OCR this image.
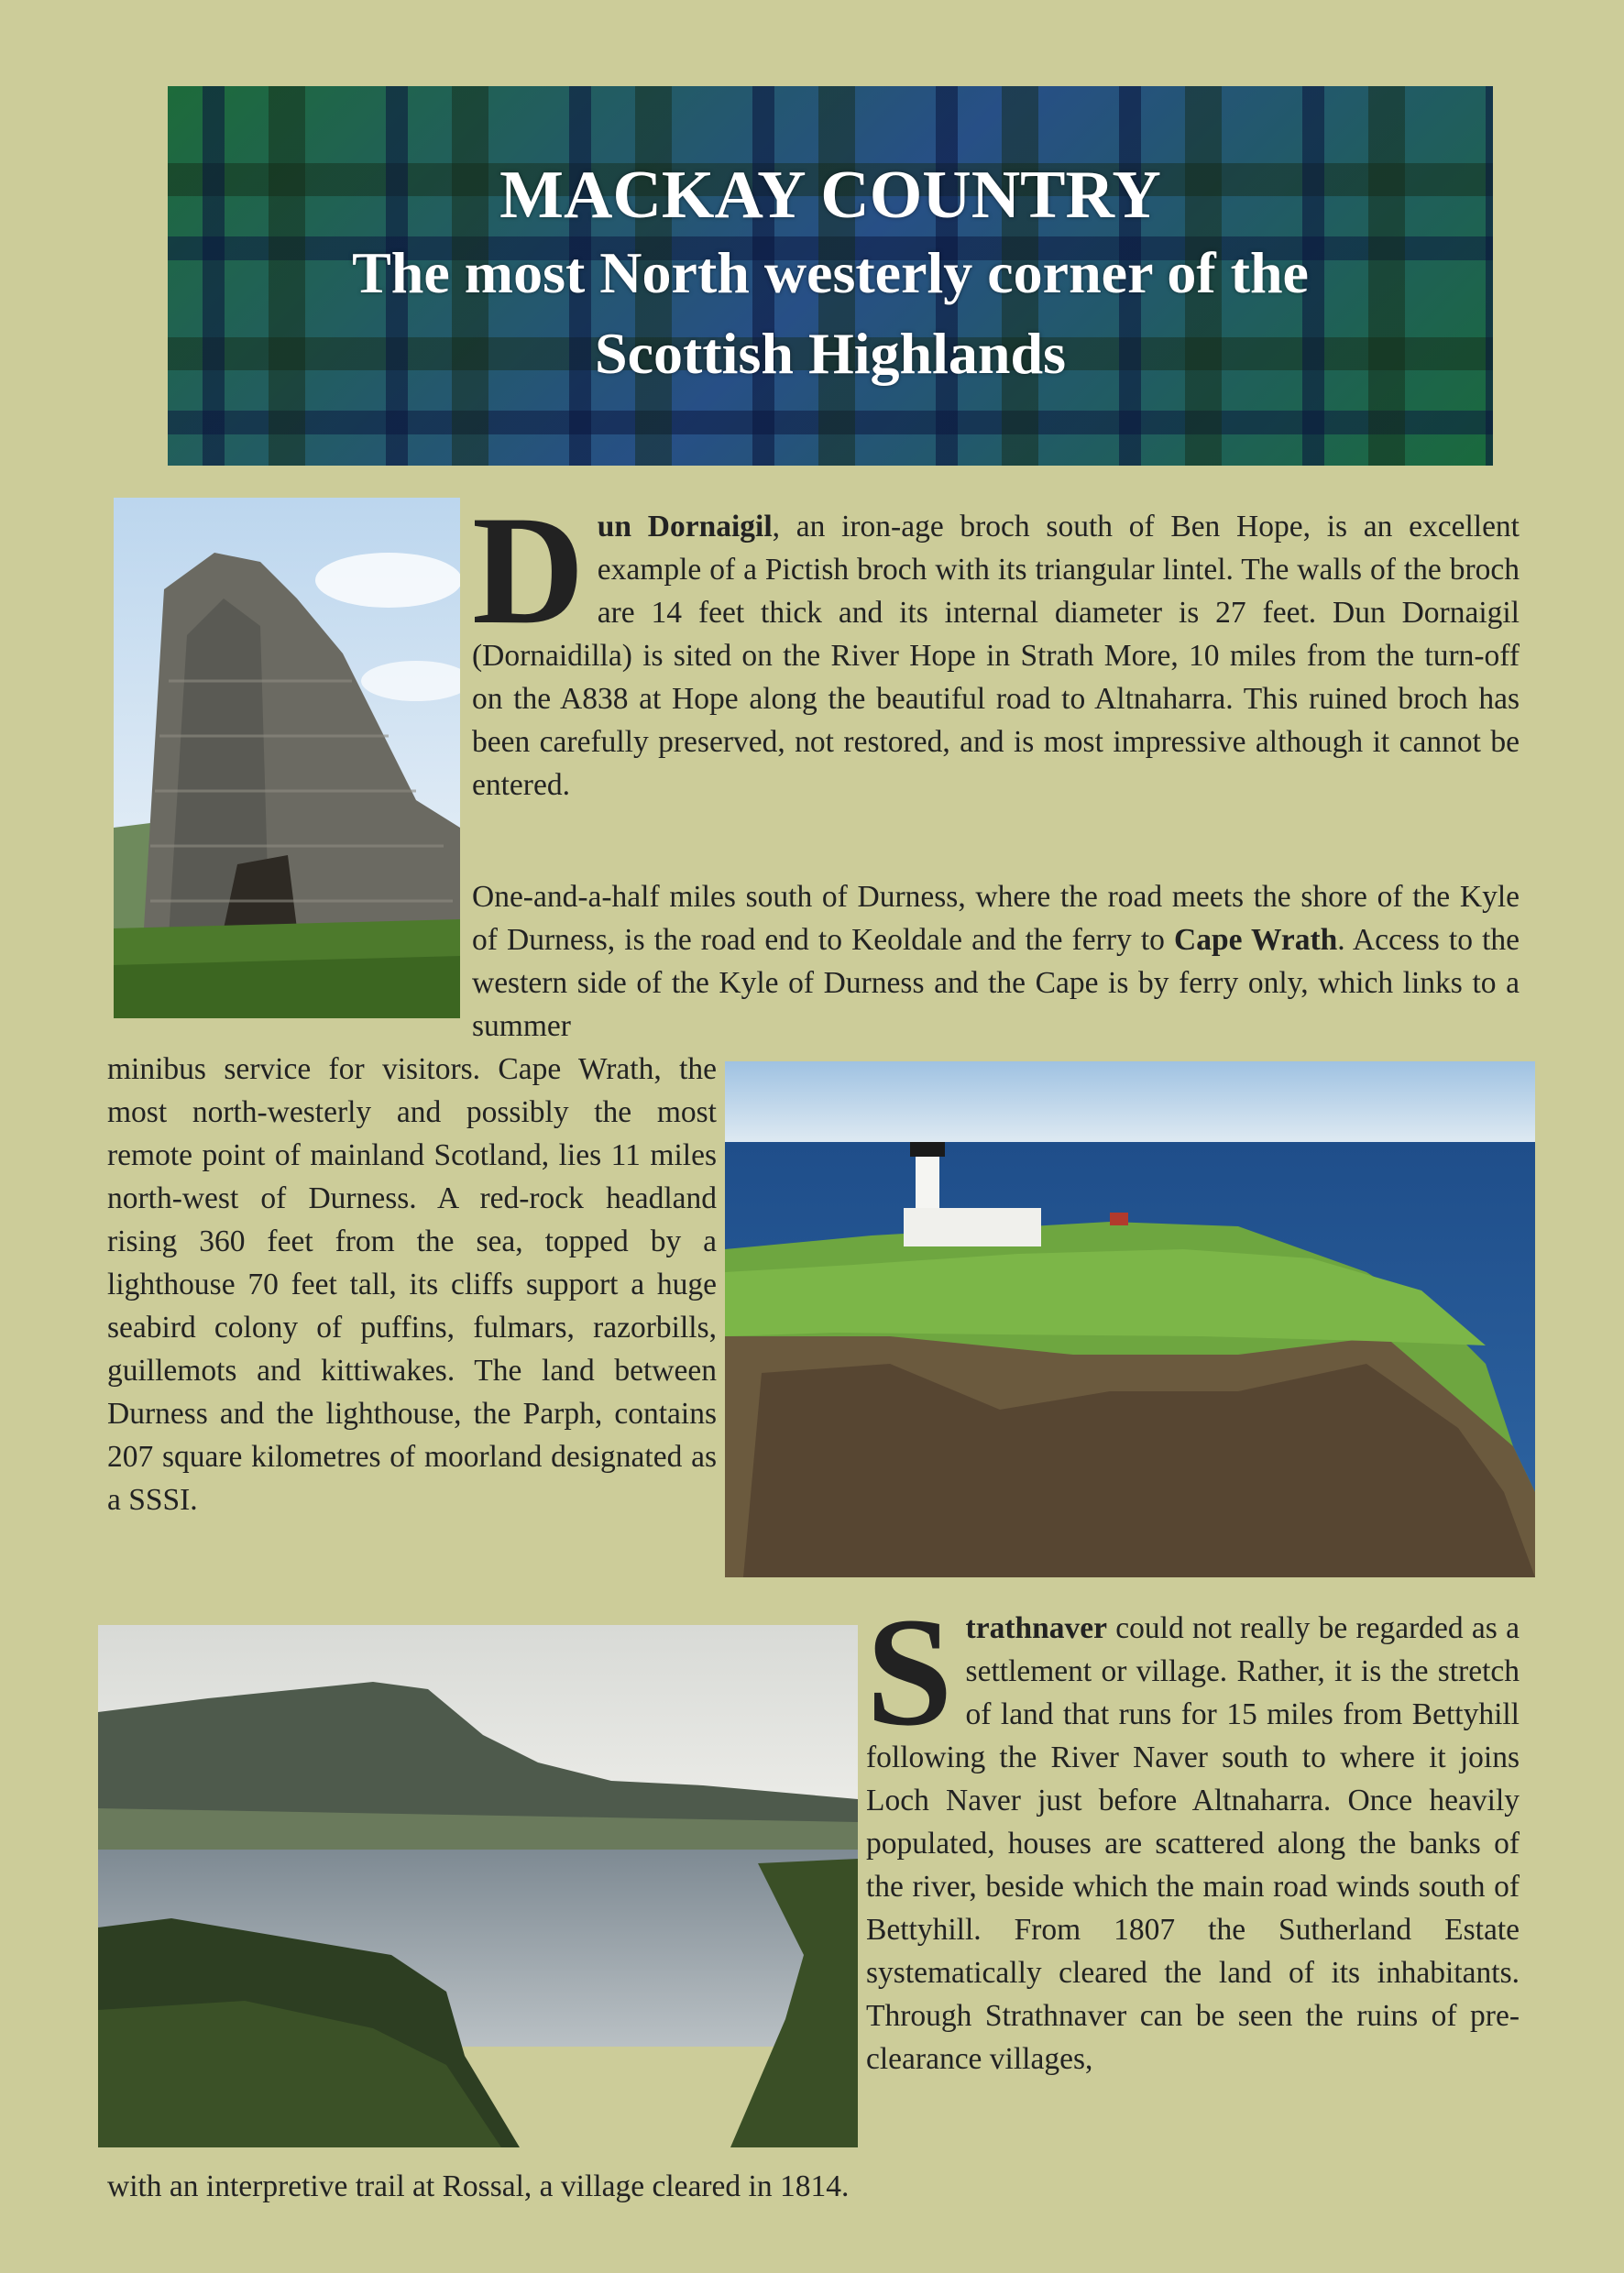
MACKAY COUNTRY
The most North westerly corner of the
Scottish Highlands
Dun Dornaigil, an iron-age broch south of Ben Hope, is an excellent example of a Pictish broch with its triangular lintel. The walls of the broch are 14 feet thick and its internal diameter is 27 feet. Dun Dornaigil (Dornaidilla) is sited on the River Hope in Strath More, 10 miles from the turn-off on the A838 at Hope along the beautiful road to Altnaharra. This ruined broch has been carefully preserved, not restored, and is most impressive although it cannot be entered.
One-and-a-half miles south of Durness, where the road meets the shore of the Kyle of Durness, is the road end to Keoldale and the ferry to Cape Wrath. Access to the western side of the Kyle of Durness and the Cape is by ferry only, which links to a summer
minibus service for visitors. Cape Wrath, the most north-westerly and possibly the most remote point of mainland Scotland, lies 11 miles north-west of Durness. A red-rock headland rising 360 feet from the sea, topped by a lighthouse 70 feet tall, its cliffs support a huge seabird colony of puffins, fulmars, razorbills, guillemots and kittiwakes. The land between Durness and the lighthouse, the Parph, contains 207 square kilometres of moorland designated as a SSSI.
Strathnaver could not really be regarded as a settlement or village. Rather, it is the stretch of land that runs for 15 miles from Bettyhill following the River Naver south to where it joins Loch Naver just before Altnaharra. Once heavily populated, houses are scattered along the banks of the river, beside which the main road winds south of Bettyhill. From 1807 the Sutherland Estate systematically cleared the land of its inhabitants. Through Strathnaver can be seen the ruins of pre-clearance villages,
with an interpretive trail at Rossal, a village cleared in 1814.
